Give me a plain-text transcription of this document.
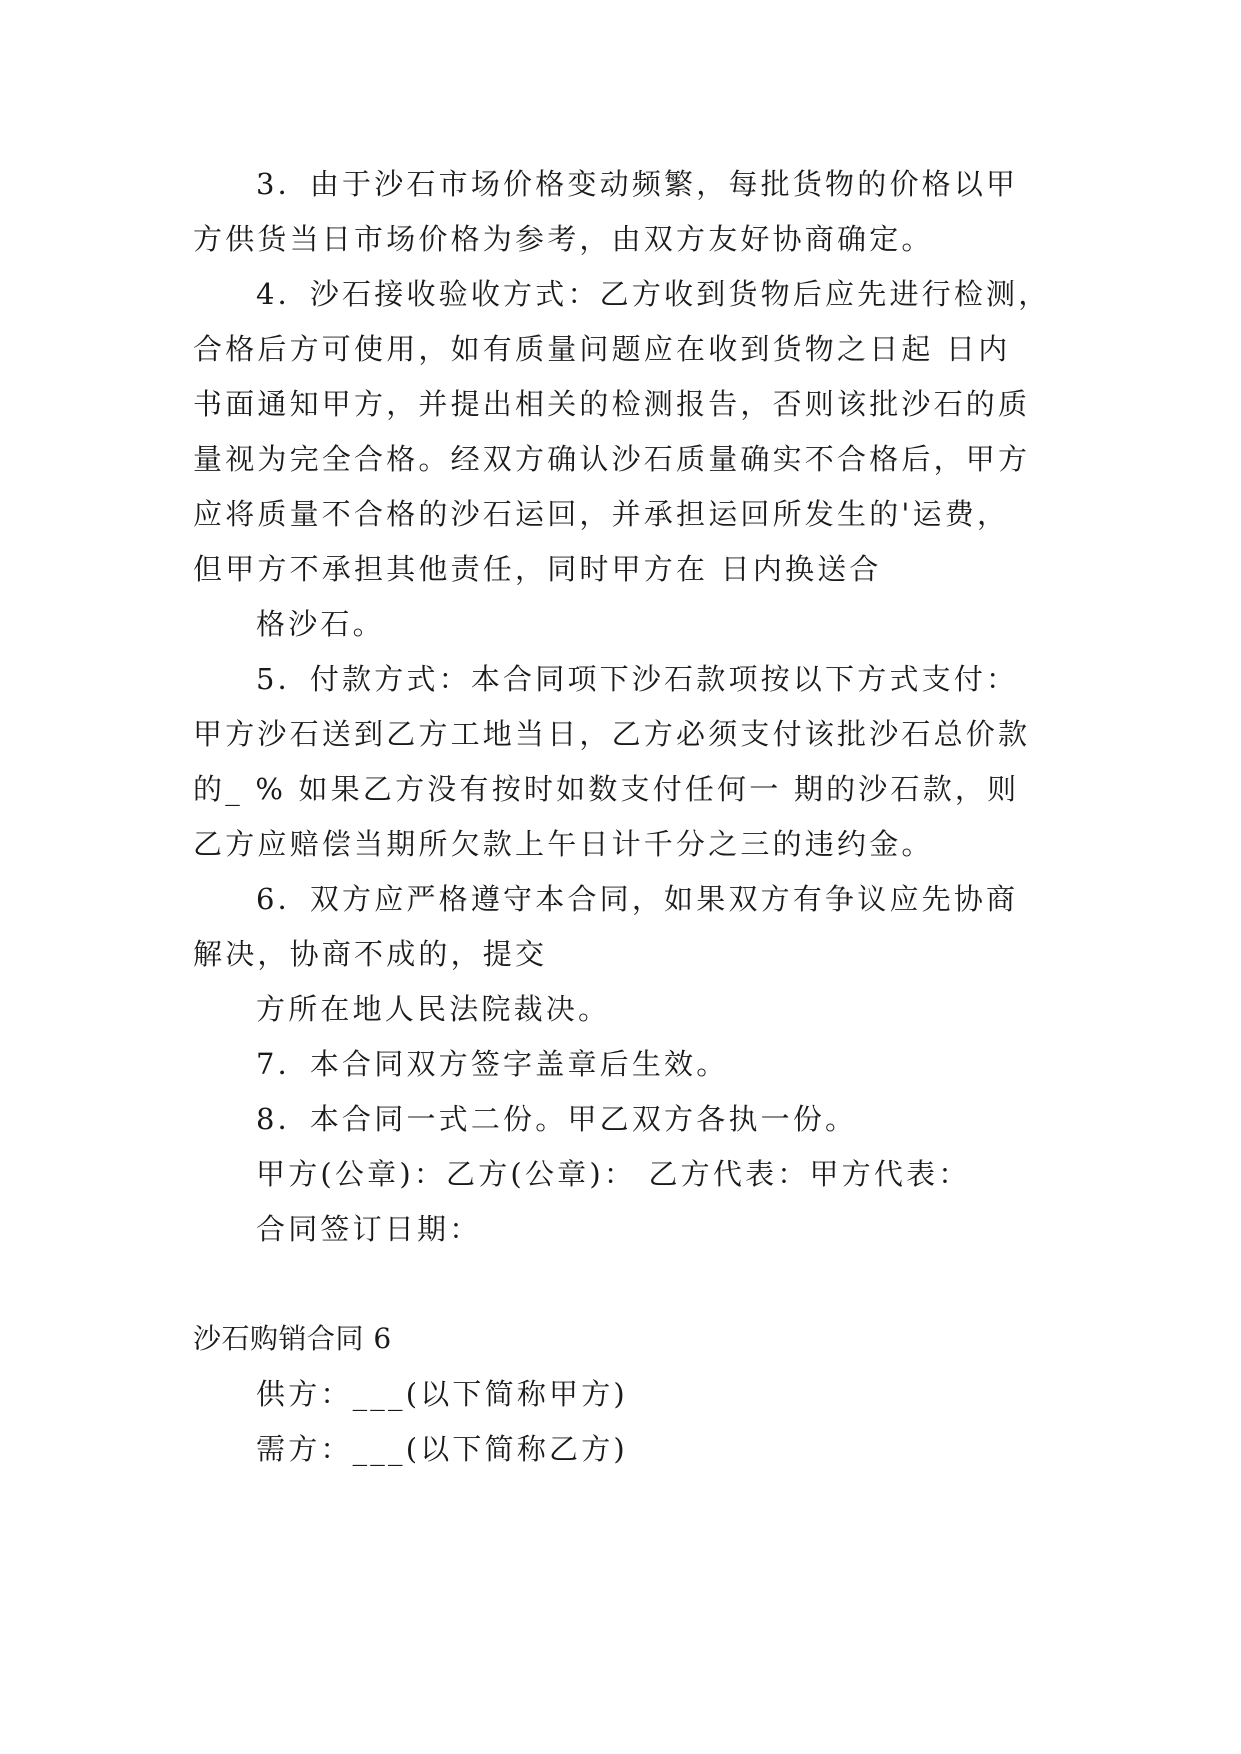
3．由于沙石市场价格变动频繁，每批货物的价格以甲
方供货当日市场价格为参考，由双方友好协商确定。
4．沙石接收验收方式：乙方收到货物后应先进行检测，
合格后方可使用，如有质量问题应在收到货物之日起 日内
书面通知甲方，并提出相关的检测报告，否则该批沙石的质
量视为完全合格。经双方确认沙石质量确实不合格后，甲方
应将质量不合格的沙石运回，并承担运回所发生的'运费，
但甲方不承担其他责任，同时甲方在 日内换送合
格沙石。
5．付款方式：本合同项下沙石款项按以下方式支付：
甲方沙石送到乙方工地当日，乙方必须支付该批沙石总价款
的_ % 如果乙方没有按时如数支付任何一 期的沙石款，则
乙方应赔偿当期所欠款上午日计千分之三的违约金。
6．双方应严格遵守本合同，如果双方有争议应先协商
解决，协商不成的，提交
方所在地人民法院裁决。
7．本合同双方签字盖章后生效。
8．本合同一式二份。甲乙双方各执一份。
甲方(公章)：乙方(公章)： 乙方代表：甲方代表：
合同签订日期：
沙石购销合同 6
供方：___(以下简称甲方)
需方：___(以下简称乙方)
